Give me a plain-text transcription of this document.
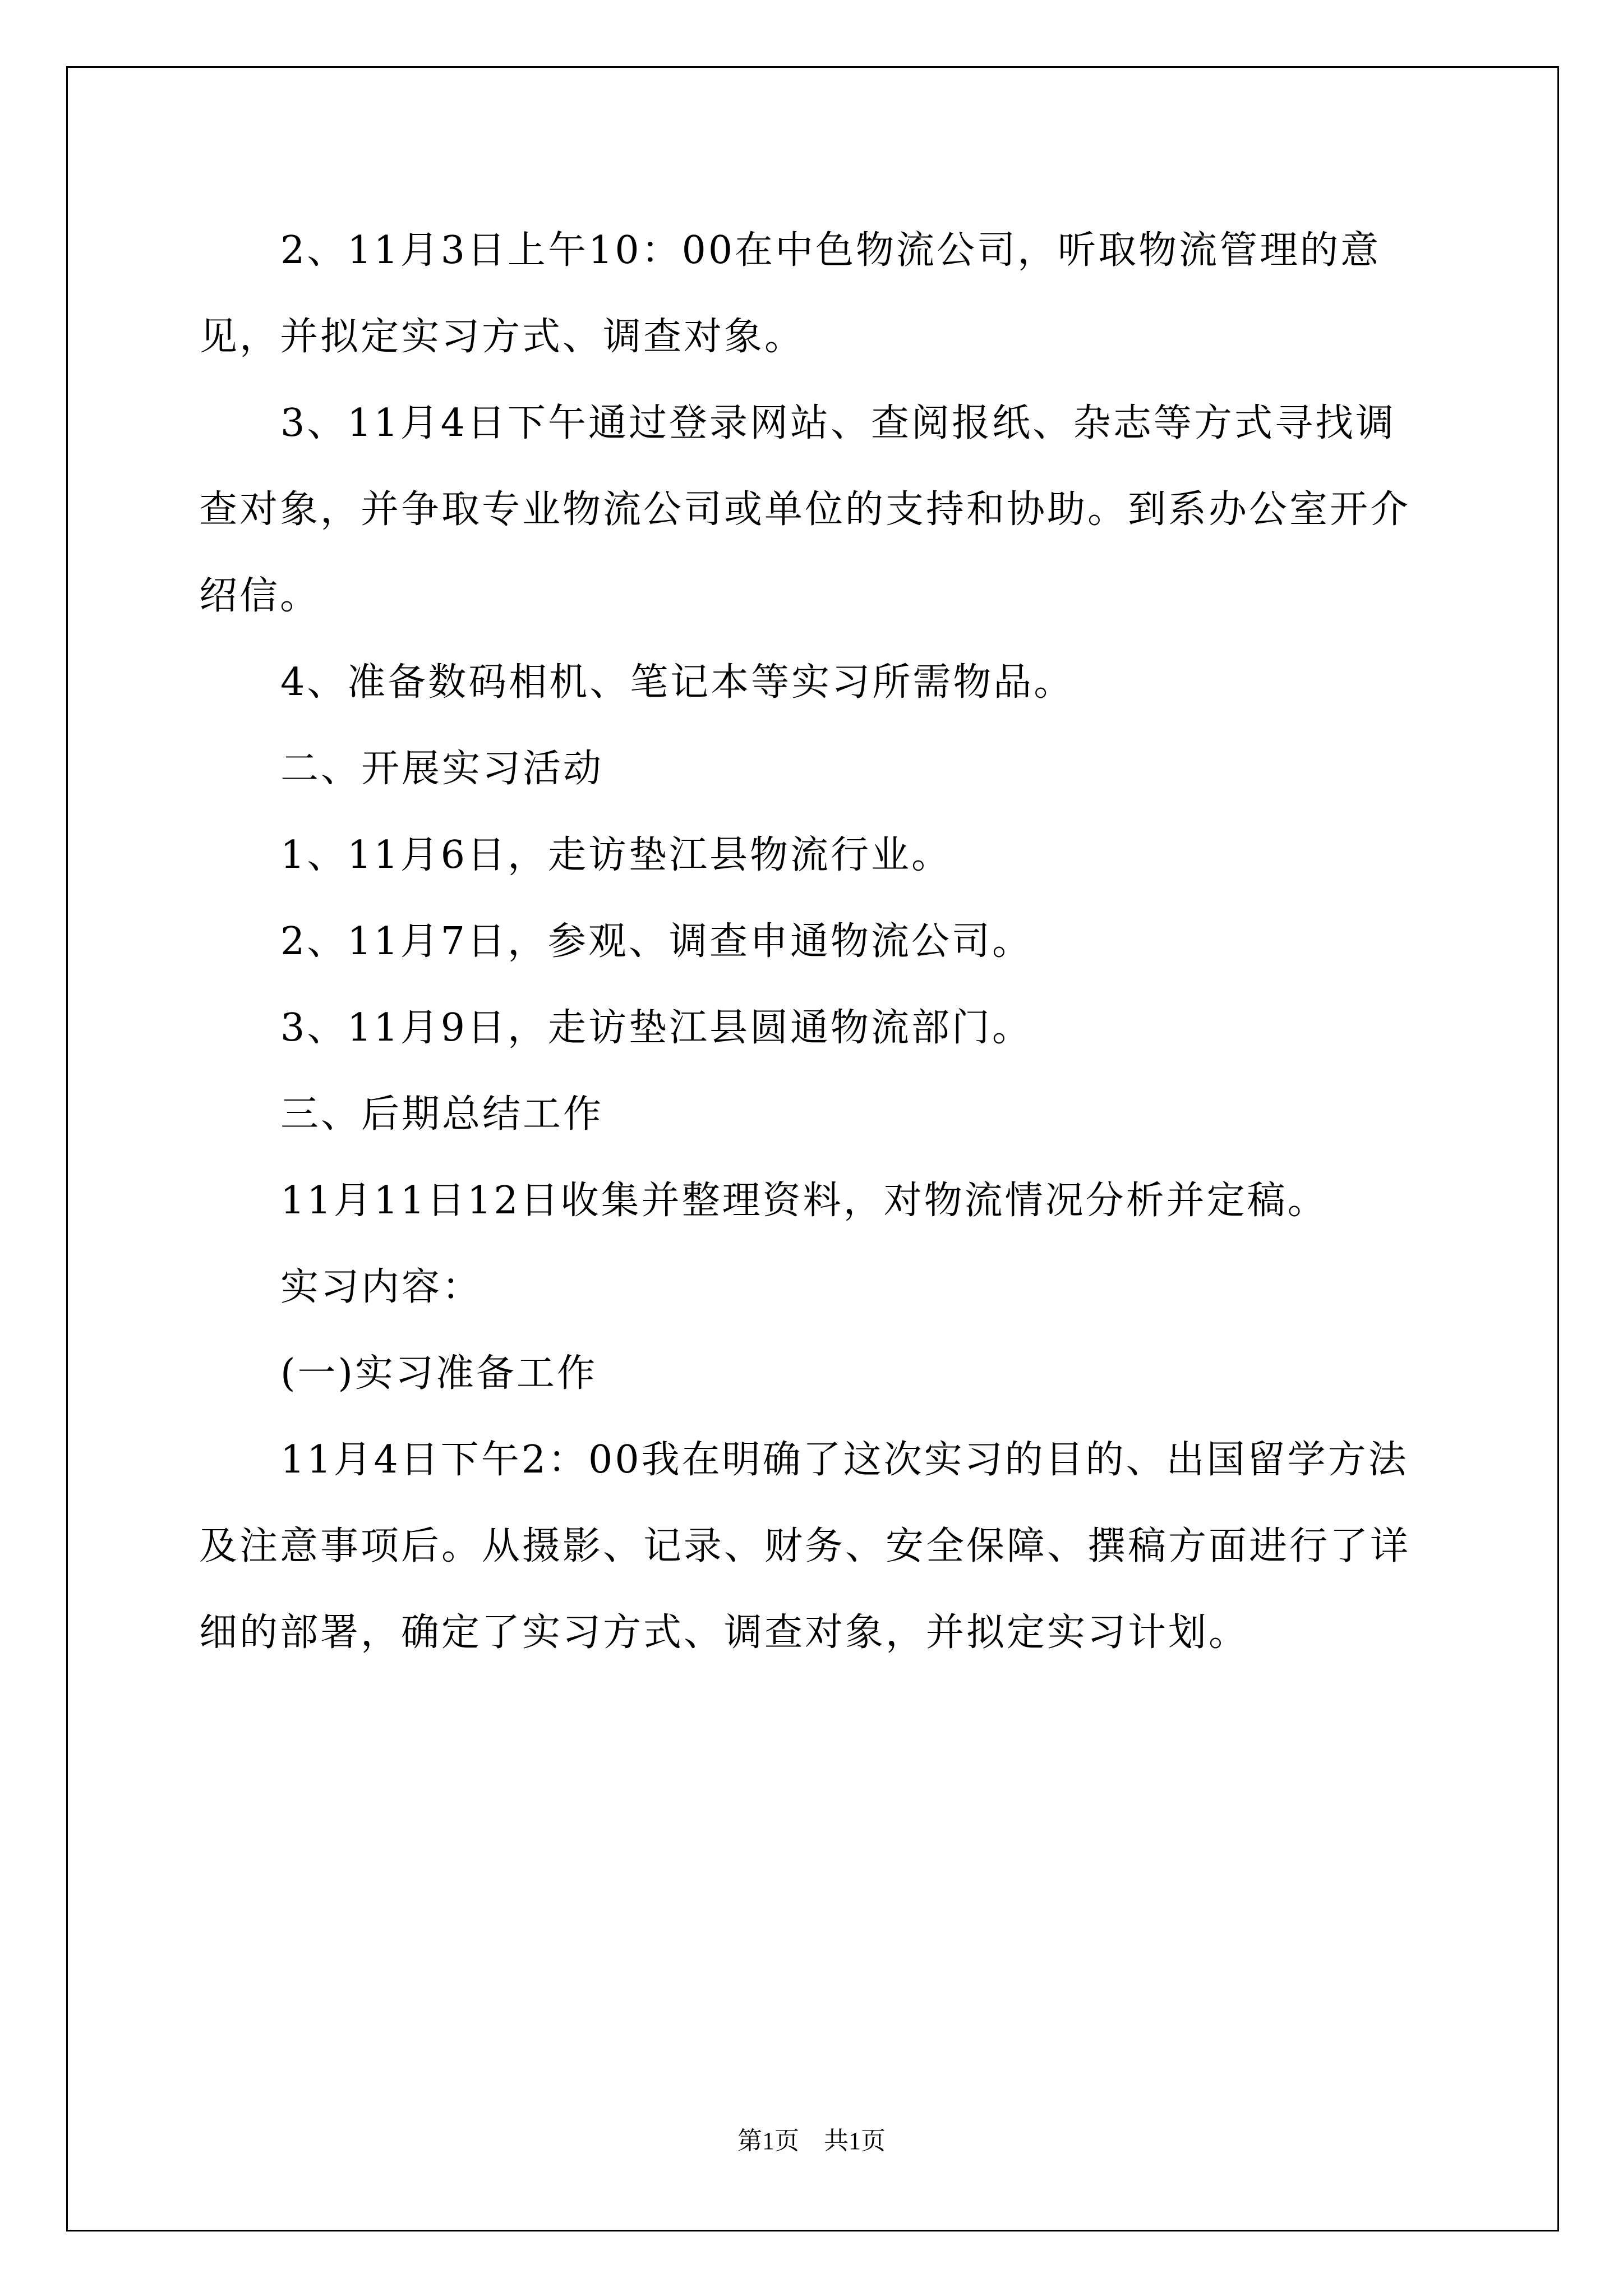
2、11月3日上午10：00在中色物流公司，听取物流管理的意见，并拟定实习方式、调查对象。

3、11月4日下午通过登录网站、查阅报纸、杂志等方式寻找调查对象，并争取专业物流公司或单位的支持和协助。到系办公室开介绍信。

4、准备数码相机、笔记本等实习所需物品。

二、开展实习活动

1、11月6日，走访垫江县物流行业。

2、11月7日，参观、调查申通物流公司。

3、11月9日，走访垫江县圆通物流部门。

三、后期总结工作

11月11日12日收集并整理资料，对物流情况分析并定稿。

实习内容：

(一)实习准备工作

11月4日下午2：00我在明确了这次实习的目的、出国留学方法及注意事项后。从摄影、记录、财务、安全保障、撰稿方面进行了详细的部署，确定了实习方式、调查对象，并拟定实习计划。

第1页　共1页
